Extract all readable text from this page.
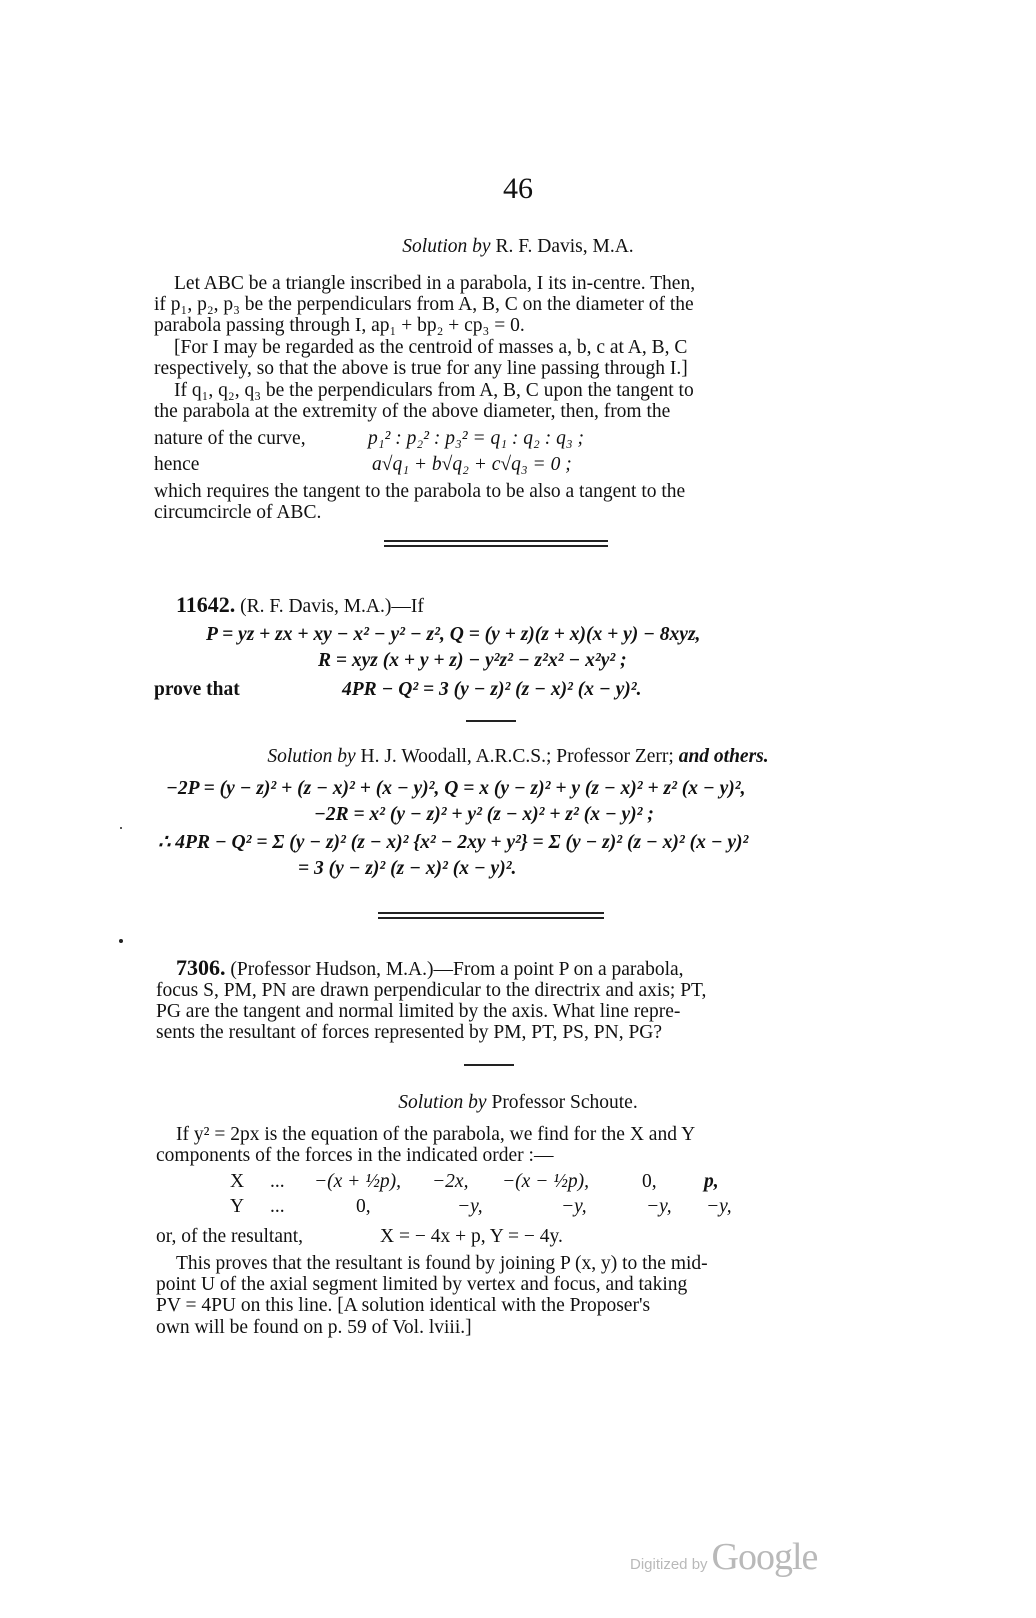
46
Solution by R. F. Davis, M.A.
Let ABC be a triangle inscribed in a parabola, I its in-centre. Then,
if p₁, p₂, p₃ be the perpendiculars from A, B, C on the diameter of the
parabola passing through I, ap₁ + bp₂ + cp₃ = 0.
[For I may be regarded as the centroid of masses a, b, c at A, B, C
respectively, so that the above is true for any line passing through I.]
If q₁, q₂, q₃ be the perpendiculars from A, B, C upon the tangent to
the parabola at the extremity of the above diameter, then, from the
nature of the curve,	p₁² : p₂² : p₃² = q₁ : q₂ : q₃ ;
hence	a√q₁ + b√q₂ + c√q₃ = 0 ;
which requires the tangent to the parabola to be also a tangent to the
circumcircle of ABC.
11642. (R. F. Davis, M.A.)—If
P = yz + zx + xy − x² − y² − z², Q = (y + z)(z + x)(x + y) − 8xyz,
R = xyz (x + y + z) − y²z² − z²x² − x²y² ;
prove that	4PR − Q² = 3 (y − z)² (z − x)² (x − y)².
Solution by H. J. Woodall, A.R.C.S.; Professor Zerr; and others.
−2P = (y − z)² + (z − x)² + (x − y)², Q = x (y − z)² + y (z − x)² + z² (x − y)²,
−2R = x² (y − z)² + y² (z − x)² + z² (x − y)² ;
∴ 4PR − Q² = Σ (y − z)² (z − x)² {x² − 2xy + y²} = Σ (y − z)² (z − x)² (x − y)²
= 3 (y − z)² (z − x)² (x − y)².
7306. (Professor Hudson, M.A.)—From a point P on a parabola,
focus S, PM, PN are drawn perpendicular to the directrix and axis; PT,
PG are the tangent and normal limited by the axis. What line repre-
sents the resultant of forces represented by PM, PT, PS, PN, PG?
Solution by Professor Schoute.
If y² = 2px is the equation of the parabola, we find for the X and Y
components of the forces in the indicated order :—
X ... −(x + ½p), −2x, −(x − ½p),	0, p,
Y ...	0,	−y,	−y,	−y, −y,
or, of the resultant,	X = − 4x + p, Y = − 4y.
This proves that the resultant is found by joining P (x, y) to the mid-
point U of the axial segment limited by vertex and focus, and taking
PV = 4PU on this line. [A solution identical with the Proposer's
own will be found on p. 59 of Vol. lviii.]
Digitized by Google
